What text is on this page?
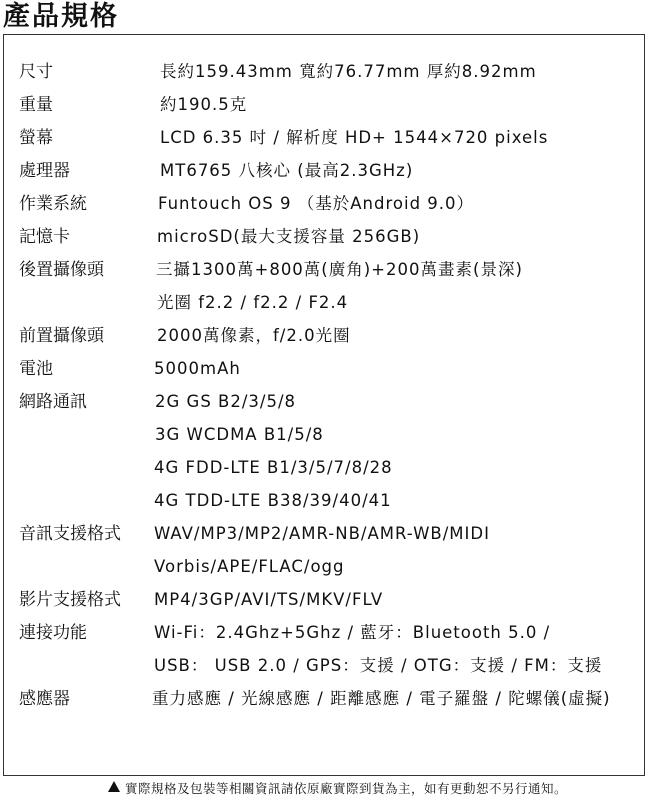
產品規格
尺寸	長約159.43mm 寬約76.77mm 厚約8.92mm
重量	約190.5克
螢幕	LCD 6.35 吋 / 解析度 HD+ 1544×720 pixels
處理器	MT6765 八核心 (最高2.3GHz)
作業系統	Funtouch OS 9 （基於Android 9.0）
記憶卡	microSD(最大支援容量 256GB)
後置攝像頭	三攝1300萬+800萬(廣角)+200萬畫素(景深)
光圈 f2.2 / f2.2 / F2.4
前置攝像頭	2000萬像素，f/2.0光圈
電池	5000mAh
網路通訊	2G GS B2/3/5/8
3G WCDMA B1/5/8
4G FDD-LTE B1/3/5/7/8/28
4G TDD-LTE B38/39/40/41
音訊支援格式 WAV/MP3/MP2/AMR-NB/AMR-WB/MIDI
Vorbis/APE/FLAC/ogg
影片支援格式 MP4/3GP/AVI/TS/MKV/FLV
連接功能	Wi-Fi：2.4Ghz+5Ghz / 藍牙：Bluetooth 5.0 /
USB： USB 2.0 / GPS：支援 / OTG：支援 / FM：支援
感應器	重力感應 / 光線感應 / 距離感應 / 電子羅盤 / 陀螺儀(虛擬)
實際規格及包裝等相關資訊請依原廠實際到貨為主，如有更動恕不另行通知。
